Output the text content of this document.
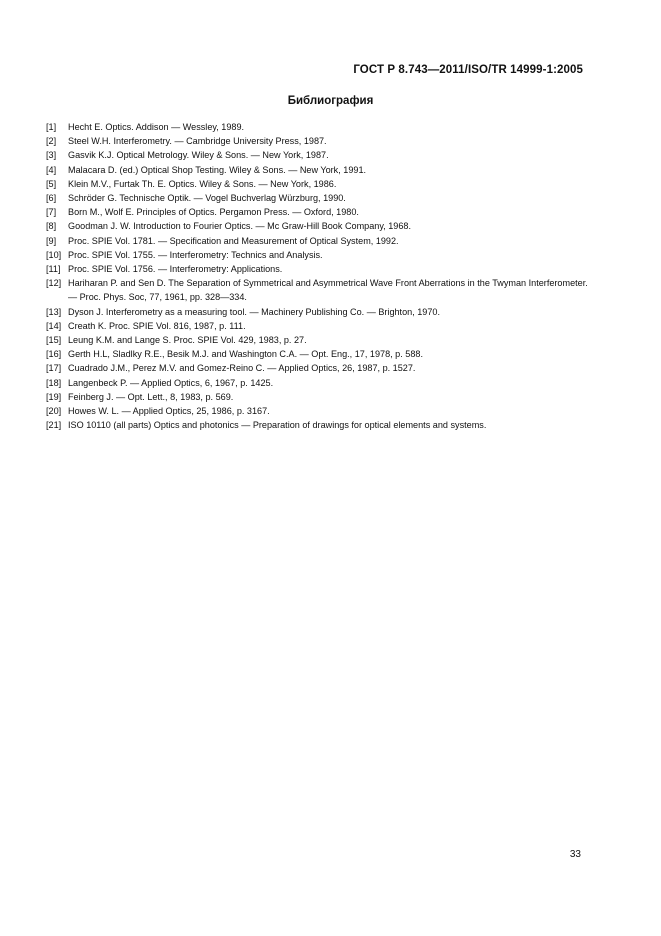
ГОСТ Р 8.743—2011/ISO/TR 14999-1:2005
Библиография
[1]	Hecht E. Optics. Addison — Wessley, 1989.
[2]	Steel W.H. Interferometry. — Cambridge University Press, 1987.
[3]	Gasvik K.J. Optical Metrology. Wiley & Sons. — New York, 1987.
[4]	Malacara D. (ed.) Optical Shop Testing. Wiley & Sons. — New York, 1991.
[5]	Klein M.V., Furtak Th. E. Optics. Wiley & Sons. — New York, 1986.
[6]	Schröder G. Technische Optik. — Vogel Buchverlag Würzburg, 1990.
[7]	Born M., Wolf E. Principles of Optics. Pergamon Press. — Oxford, 1980.
[8]	Goodman J. W. Introduction to Fourier Optics. — Mc Graw-Hill Book Company, 1968.
[9]	Proc. SPIE Vol. 1781. — Specification and Measurement of Optical System, 1992.
[10] Proc. SPIE Vol. 1755. — Interferometry: Technics and Analysis.
[11] Proc. SPIE Vol. 1756. — Interferometry: Applications.
[12] Hariharan P. and Sen D. The Separation of Symmetrical and Asymmetrical Wave Front Aberrations in the Twyman Interferometer. — Proc. Phys. Soc, 77, 1961, pp. 328—334.
[13] Dyson J. Interferometry as a measuring tool. — Machinery Publishing Co. — Brighton, 1970.
[14] Creath K. Proc. SPIE Vol. 816, 1987, p. 111.
[15] Leung K.M. and Lange S. Proc. SPIE Vol. 429, 1983, p. 27.
[16] Gerth H.L, Sladlky R.E., Besik M.J. and Washington C.A. — Opt. Eng., 17, 1978, p. 588.
[17] Cuadrado J.M., Perez M.V. and Gomez-Reino C. — Applied Optics, 26, 1987, p. 1527.
[18] Langenbeck P. — Applied Optics, 6, 1967, p. 1425.
[19] Feinberg J. — Opt. Lett., 8, 1983, p. 569.
[20] Howes W. L. — Applied Optics, 25, 1986, p. 3167.
[21] ISO 10110 (all parts) Optics and photonics — Preparation of drawings for optical elements and systems.
33
